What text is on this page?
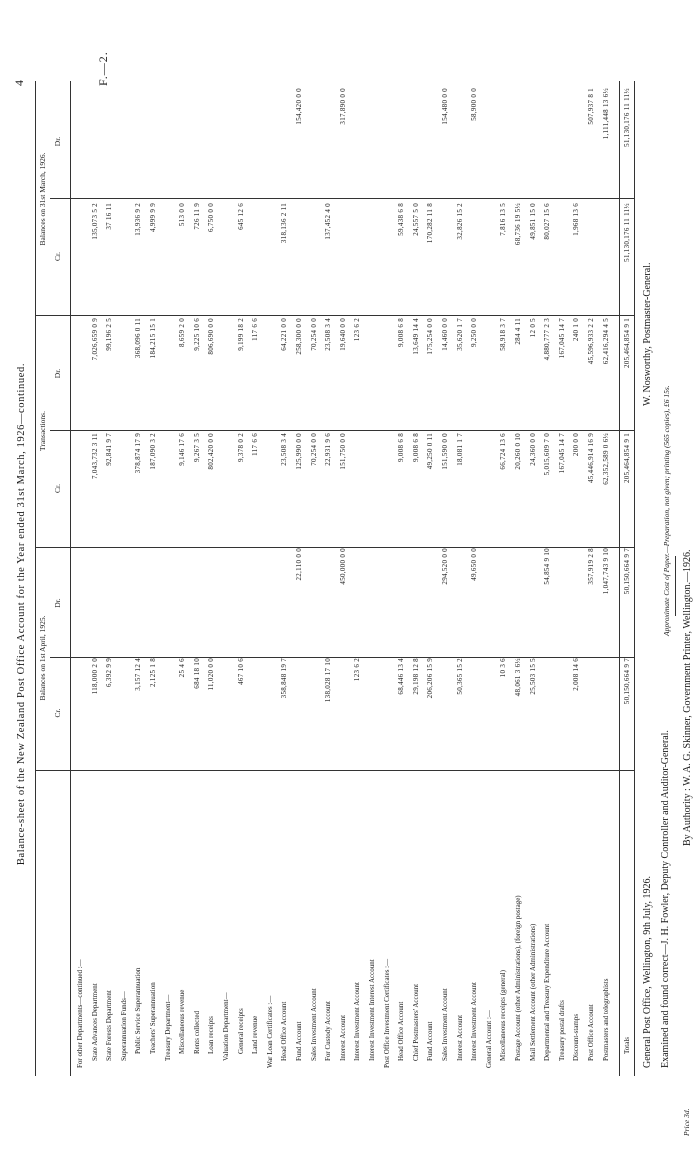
F.—2.
4
Balance-sheet of the New Zealand Post Office Account for the Year ended 31st March, 1926—continued. Balances on 1st April, 1925.
Transactions.
Balances on 31st March, 1926.
Cr.
Dr.
Cr.
Dr.
Cr.
Dr.
For other Departments—continued :— State Advances Department
118,000 2 0
7,043,732 3 11
7,026,659 0 9
135,073 5 2
State Forests Department
6,392 9 9
92,841 9 7
99,196 2 5
37 16 11
Superannuation Funds— Public Service Superannuation
3,157 12 4
378,874 17 9
368,096 0 11
13,936 9 2
Teachers' Superannuation
2,125 1 8
187,090 3 2
184,215 15 1
4,999 9 9
Treasury Department— Miscellaneous revenue
25 4 6
9,146 17 6
8,659 2 0
513 0 0
Rents collected
684 18 10
9,267 3 5
9,225 10 6
726 11 9
Loan receipts
11,020 0 0
802,420 0 0
806,690 0 0
6,750 0 0
Valuation Department— General receipts
467 10 6
9,378 0 2
9,199 18 2
645 12 6
Land revenue
117 6 6
117 6 6
War Loan Certificates :— Head Office Account
358,848 19 7
23,508 3 4
64,221 0 0
318,136 2 11
Fund Account
22,110 0 0
125,990 0 0
258,300 0 0
154,420 0 0
Sales Investment Account
70,254 0 0
70,254 0 0
For Custody Account
138,028 17 10
22,931 9 6
23,508 3 4
137,452 4 0
Interest Account
450,000 0 0
151,750 0 0
19,640 0 0
317,890 0 0
Interest Investment Account
123 6 2
123 6 2
Interest Investment Interest Account Post Office Investment Certificates :— Head Office Account
68,446 13 4
9,008 6 8
9,008 6 8
59,438 6 8
Chief Postmasters' Account
29,198 12 8
9,008 6 8
13,649 14 4
24,557 5 0
Fund Account
206,206 15 9
49,250 0 11
175,254 0 0
170,282 11 8
Sales Investment Account
294,520 0 0
151,590 0 0
14,460 0 0
154,480 0 0
Interest Account
50,365 15 2
18,081 1 7
35,620 1 7
32,826 15 2
Interest Investment Account
49,650 0 0
9,250 0 0
58,900 0 0
General Account :— Miscellaneous receipts (general)
10 3 6
66,724 13 6
58,918 3 7
7,816 13 5
Postage Account (other Administrations), (foreign postage)
48,061 3 6½
20,260 0 10
284 4 11
68,736 19 5½
Mail Settlement Account (other Administrations)
25,503 15 5
24,360 0 0
12 0 5
49,851 15 0
Departmental and Treasury Expenditure Account
54,854 9 10
5,015,609 7 0
4,880,777 2 3
80,027 15 6
Treasury postal drafts
167,045 14 7
167,045 14 7
Discount-stamps
2,008 14 6
200 0 0
240 1 0
1,968 13 6
Post Office Account
357,919 2 8
45,446,914 16 9
45,596,933 2 2
507,937 8 1
Postmasters and telegraphists
1,047,743 9 10
62,352,589 0 6½
62,416,294 4 5
1,111,448 13 6½
Totals
50,150,664 9 7
50,150,664 9 7
205,464,854 9 1
205,464,854 9 1
51,130,176 11 11½
51,130,176 11 11½
General Post Office, Wellington, 9th July, 1926.
W. Nosworthy, Postmaster-General.
Examined and found correct—J. H. Fowler, Deputy Controller and Auditor-General.
Approximate Cost of Paper.—Preparation, not given; printing (565 copies), £6 15s.
By Authority : W. A. G. Skinner, Government Printer, Wellington.—1926.
Price 3d.
